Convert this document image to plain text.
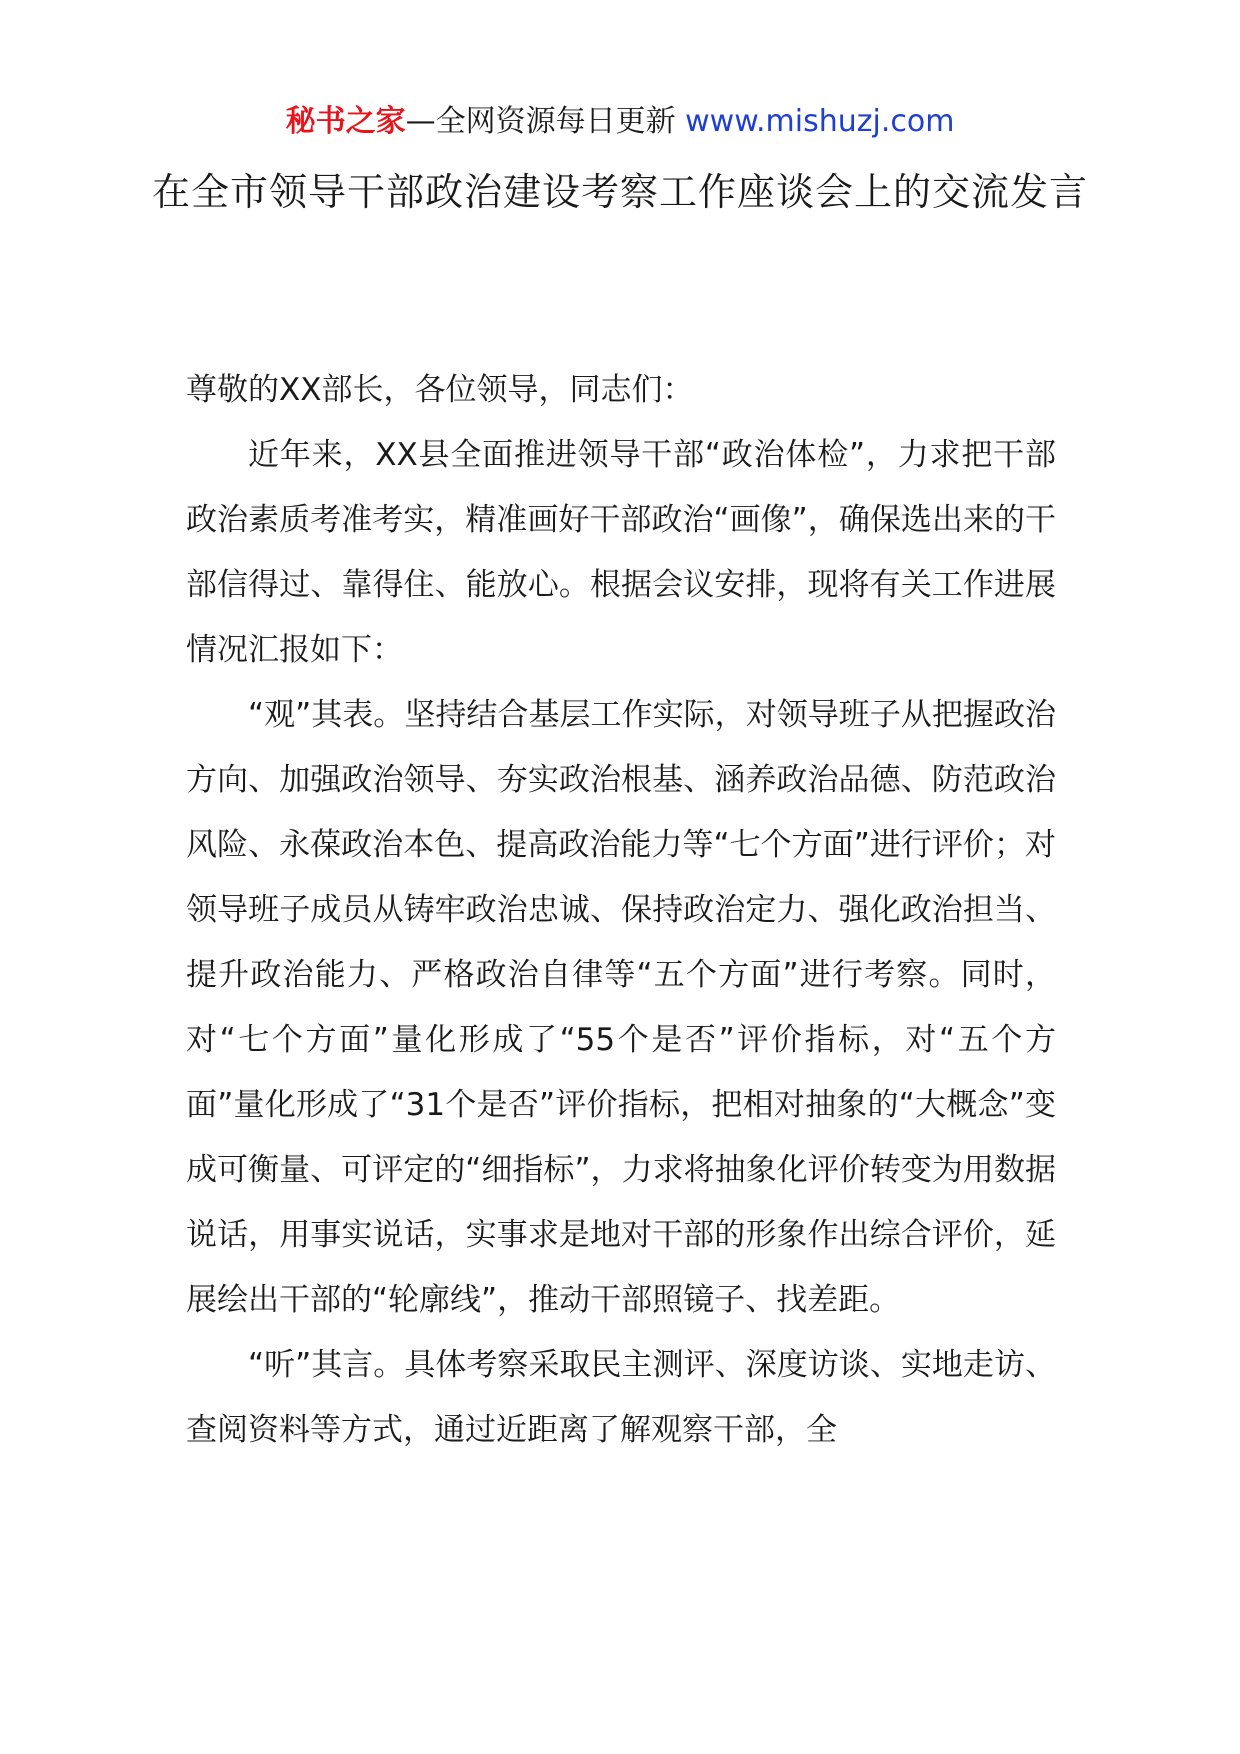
秘书之家—全网资源每日更新 www.mishuzj.com
在全市领导干部政治建设考察工作座谈会上的交流发言

尊敬的XX部长，各位领导，同志们：

近年来，XX县全面推进领导干部“政治体检”，力求把干部政治素质考准考实，精准画好干部政治“画像”，确保选出来的干部信得过、靠得住、能放心。根据会议安排，现将有关工作进展情况汇报如下：

“观”其表。坚持结合基层工作实际，对领导班子从把握政治方向、加强政治领导、夯实政治根基、涵养政治品德、防范政治风险、永葆政治本色、提高政治能力等“七个方面”进行评价；对领导班子成员从铸牢政治忠诚、保持政治定力、强化政治担当、提升政治能力、严格政治自律等“五个方面”进行考察。同时，对“七个方面”量化形成了“55个是否”评价指标，对“五个方面”量化形成了“31个是否”评价指标，把相对抽象的“大概念”变成可衡量、可评定的“细指标”，力求将抽象化评价转变为用数据说话，用事实说话，实事求是地对干部的形象作出综合评价，延展绘出干部的“轮廓线”，推动干部照镜子、找差距。

“听”其言。具体考察采取民主测评、深度访谈、实地走访、查阅资料等方式，通过近距离了解观察干部，全
